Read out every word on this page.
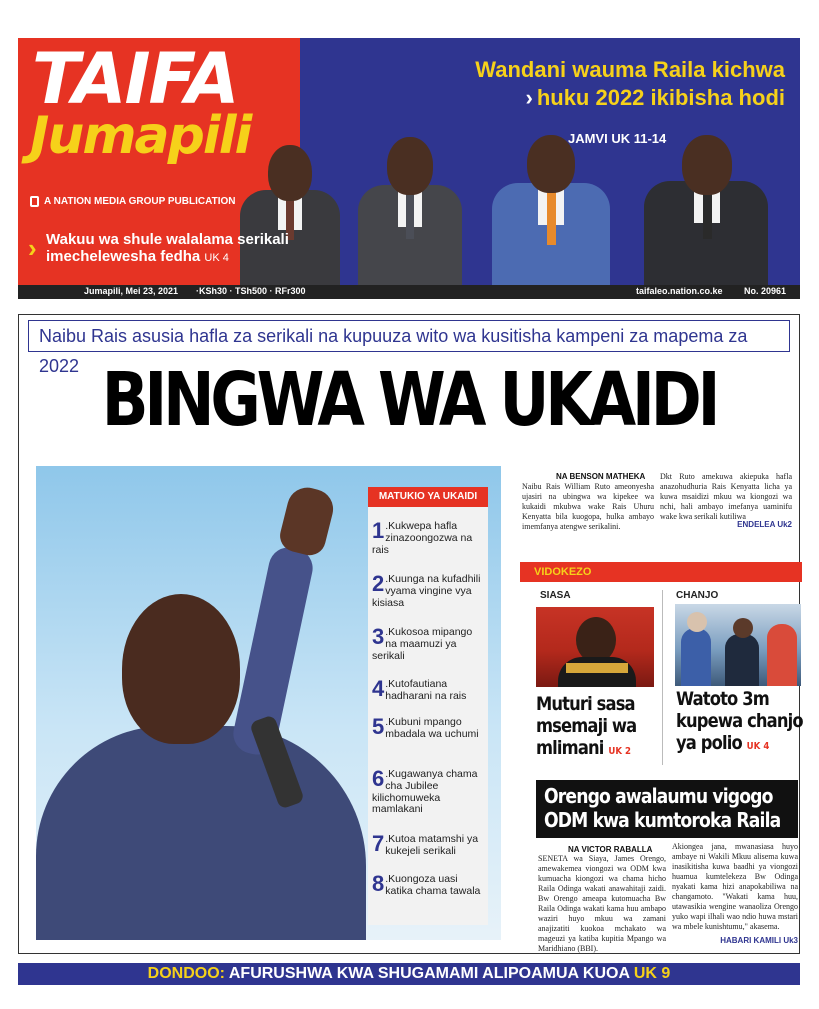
TAIFA
Jumapili
A NATION MEDIA GROUP PUBLICATION
› Wakuu wa shule walalama serikali imechelewesha fedha UK 4
Wandani wauma Raila kichwa
› huku 2022 ikibisha hodi
JAMVI UK 11-14
Jumapili, Mei 23, 2021 ·KSh30 · TSh500 · RFr300	taifaleo.nation.co.ke No. 20961
Naibu Rais asusia hafla za serikali na kupuuza wito wa kusitisha kampeni za mapema za 2022 BINGWA WA UKAIDI
MATUKIO YA UKAIDI
1 .Kukwepa hafla zinazoongozwa na rais
2 .Kuunga na kufadhili vyama vingine vya kisiasa
3 .Kukosoa mipango na maamuzi ya serikali
4 .Kutofautiana hadharani na rais
5 .Kubuni mpango mbadala wa uchumi
6 .Kugawanya chama cha Jubilee kilichomuweka mamlakani
7 .Kutoa matamshi ya kukejeli serikali
8 .Kuongoza uasi katika chama tawala
NA BENSON MATHEKA
Naibu Rais William Ruto ameonyesha ujasiri na ubingwa wa kipekee wa kukaidi mkubwa wake Rais Uhuru Kenyatta bila kuogopa, hulka ambayo imemfanya atengwe serikalini.
Dkt Ruto amekuwa akiepuka hafla anazohudhuria Rais Kenyatta licha ya kuwa msaidizi mkuu wa kiongozi wa nchi, hali ambayo imefanya uaminifu wake kwa serikali kutiliwa
ENDELEA Uk2
VIDOKEZO
SIASA	CHANJO
Muturi sasa msemaji wa mlimani UK 2
Watoto 3m kupewa chanjo ya polio UK 4
Orengo awalaumu vigogo
ODM kwa kumtoroka Raila
NA VICTOR RABALLA
SENETA wa Siaya, James Orengo, amewakemea viongozi wa ODM kwa kumuacha kiongozi wa chama hicho Raila Odinga wakati anawahitaji zaidi. Bw Orengo ameapa kutomuacha Bw Raila Odinga wakati kama huu ambapo waziri huyo mkuu wa zamani anajizatiti kuokoa mchakato wa mageuzi ya katiba kupitia Mpango wa Maridhiano (BBI).
Akiongea jana, mwanasiasa huyo ambaye ni Wakili Mkuu alisema kuwa inasikitisha kuwa baadhi ya viongozi huamua kumtelekeza Bw Odinga nyakati kama hizi anapokabiliwa na changamoto. "Wakati kama huu, utawasikia wengine wanaoliza Orengo yuko wapi ilhali wao ndio huwa mstari wa mbele kunishtumu," akasema.
HABARI KAMILI Uk3
DONDOO: AFURUSHWA KWA SHUGAMAMI ALIPOAMUA KUOA UK 9
